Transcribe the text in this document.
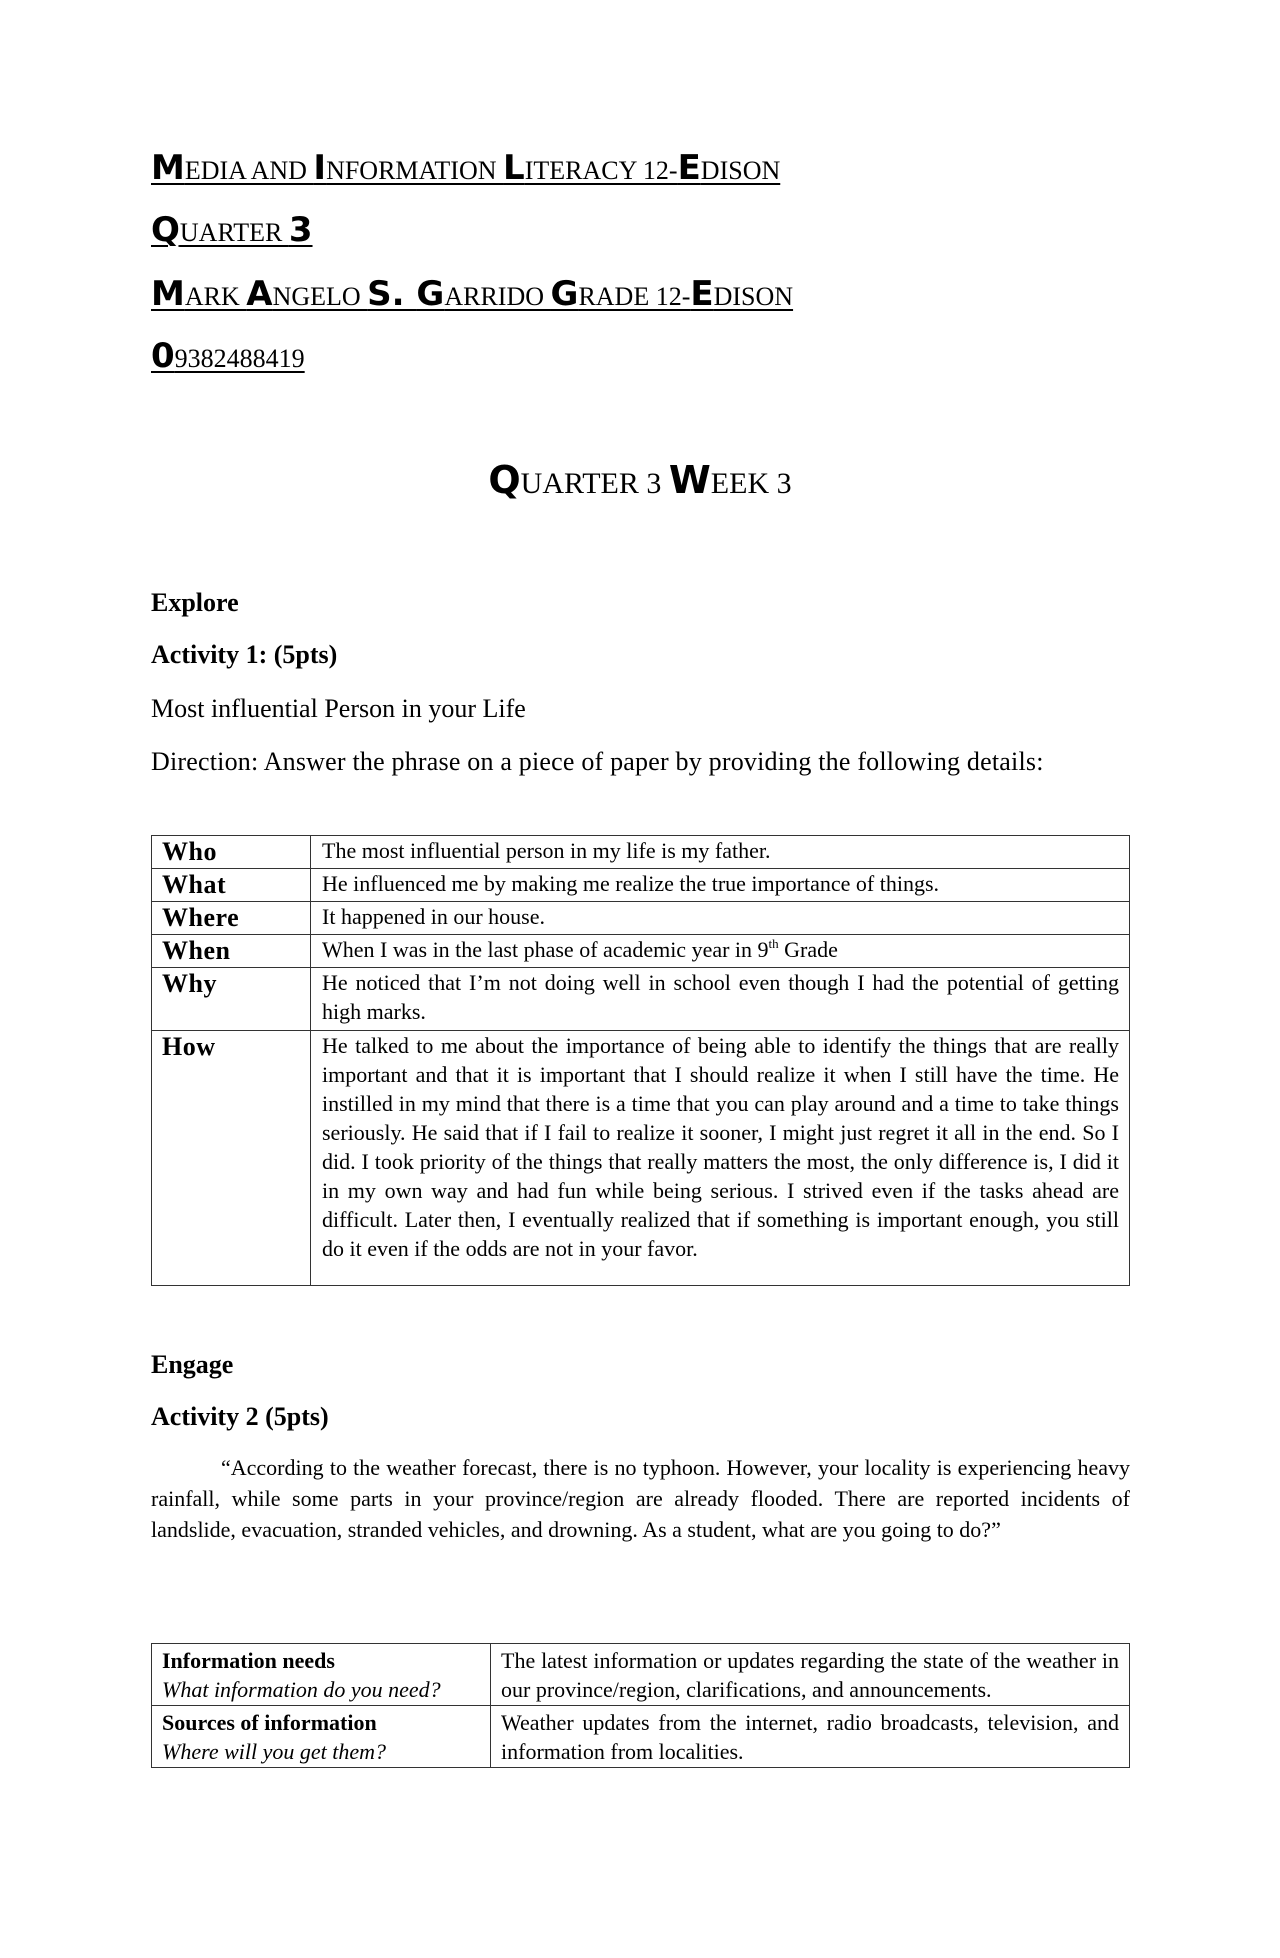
MEDIA AND INFORMATION LITERACY 12-EDISON
QUARTER 3
MARK ANGELO S. GARRIDO GRADE 12-EDISON
09382488419
QUARTER 3 WEEK 3
Explore
Activity 1: (5pts)
Most influential Person in your Life
Direction: Answer the phrase on a piece of paper by providing the following details:
Who	The most influential person in my life is my father.
What	He influenced me by making me realize the true importance of things.
Where	It happened in our house.
When	When I was in the last phase of academic year in 9th Grade
Why	He noticed that I’m not doing well in school even though I had the potential of getting high marks.
How	He talked to me about the importance of being able to identify the things that are really important and that it is important that I should realize it when I still have the time. He instilled in my mind that there is a time that you can play around and a time to take things seriously. He said that if I fail to realize it sooner, I might just regret it all in the end. So I did. I took priority of the things that really matters the most, the only difference is, I did it in my own way and had fun while being serious. I strived even if the tasks ahead are difficult. Later then, I eventually realized that if something is important enough, you still do it even if the odds are not in your favor.
Engage
Activity 2 (5pts)
“According to the weather forecast, there is no typhoon. However, your locality is experiencing heavy rainfall, while some parts in your province/region are already flooded. There are reported incidents of landslide, evacuation, stranded vehicles, and drowning. As a student, what are you going to do?”
Information needs
What information do you need?	The latest information or updates regarding the state of the weather in our province/region, clarifications, and announcements.

Sources of information
Where will you get them?	Weather updates from the internet, radio broadcasts, television, and information from localities.
